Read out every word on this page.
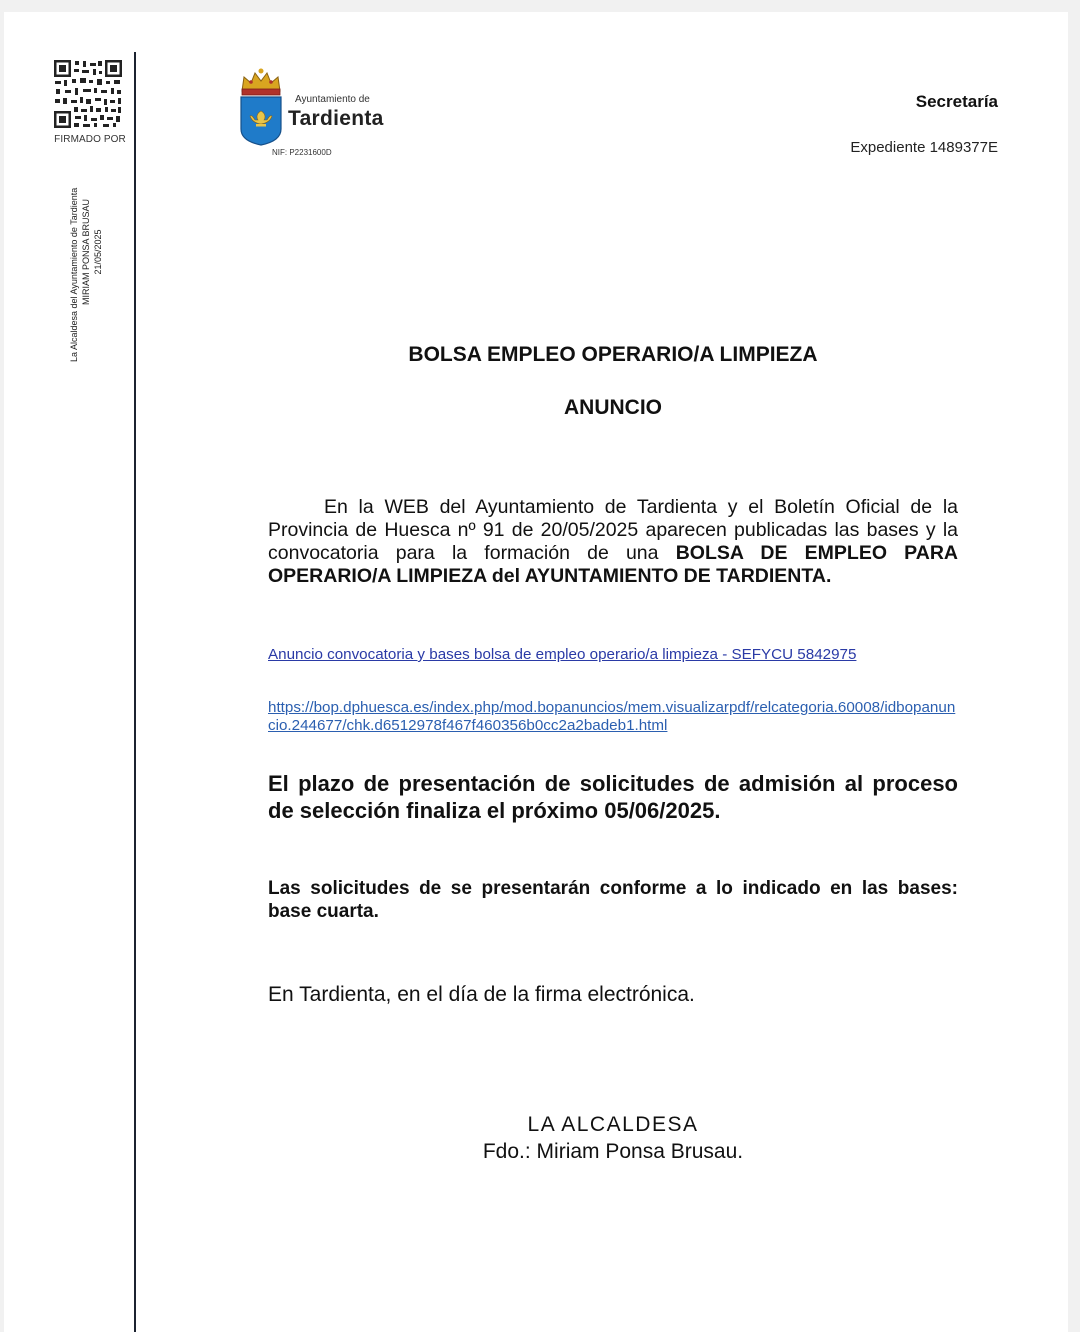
FIRMADO POR
La Alcaldesa del Ayuntamiento de Tardienta MIRIAM PONSA BRUSAU 21/05/2025
Ayuntamiento de
Tardienta
NIF: P2231600D
Secretaría
Expediente 1489377E
BOLSA EMPLEO OPERARIO/A LIMPIEZA
ANUNCIO
En la WEB del Ayuntamiento de Tardienta y el Boletín Oficial de la Provincia de Huesca nº 91 de 20/05/2025 aparecen publicadas las bases y la convocatoria para la formación de una BOLSA DE EMPLEO PARA OPERARIO/A LIMPIEZA del AYUNTAMIENTO DE TARDIENTA.
Anuncio convocatoria y bases bolsa de empleo operario/a limpieza - SEFYCU 5842975
https://bop.dphuesca.es/index.php/mod.bopanuncios/mem.visualizarpdf/relcategoria.60008/idbopanuncio.244677/chk.d6512978f467f460356b0cc2a2badeb1.html
El plazo de presentación de solicitudes de admisión al proceso de selección finaliza el próximo 05/06/2025.
Las solicitudes de se presentarán conforme a lo indicado en las bases: base cuarta.
En Tardienta, en el día de la firma electrónica.
LA ALCALDESA
Fdo.: Miriam Ponsa Brusau.
